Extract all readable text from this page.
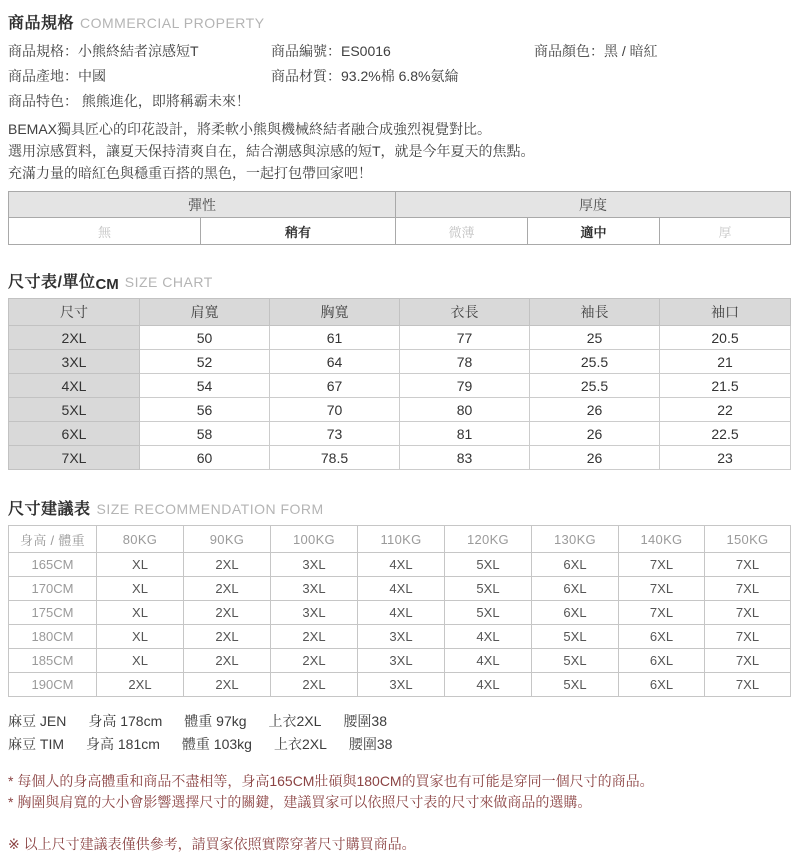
商品規格 COMMERCIAL PROPERTY
商品規格：小熊終結者涼感短T	商品編號：ES0016	商品顏色：黑 / 暗紅
商品產地：中國	商品材質：93.2%棉 6.8%氨綸
商品特色： 熊熊進化，即將稱霸未來！

BEMAX獨具匠心的印花設計，將柔軟小熊與機械終結者融合成強烈視覺對比。

選用涼感質料，讓夏天保持清爽自在，結合潮感與涼感的短T，就是今年夏天的焦點。

充滿力量的暗紅色與穩重百搭的黑色，一起打包帶回家吧！

彈性		厚度		
無	稍有	微薄	適中	厚
尺寸表/單位CM SIZE CHART
尺寸	肩寬	胸寬	衣長	袖長	袖口
2XL	50	61	77	25	20.5
3XL	52	64	78	25.5	21
4XL	54	67	79	25.5	21.5
5XL	56	70	80	26	22
6XL	58	73	81	26	22.5
7XL	60	78.5	83	26	23
尺寸建議表 SIZE RECOMMENDATION FORM
身高 / 體重	80KG	90KG	100KG	110KG	120KG	130KG	140KG	150KG
165CM	XL	2XL	3XL	4XL	5XL	6XL	7XL	7XL
170CM	XL	2XL	3XL	4XL	5XL	6XL	7XL	7XL
175CM	XL	2XL	3XL	4XL	5XL	6XL	7XL	7XL
180CM	XL	2XL	2XL	3XL	4XL	5XL	6XL	7XL
185CM	XL	2XL	2XL	3XL	4XL	5XL	6XL	7XL
190CM	2XL	2XL	2XL	3XL	4XL	5XL	6XL	7XL
麻豆 JEN 身高 178cm 體重 97kg 上衣2XL 腰圍38
麻豆 TIM 身高 181cm 體重 103kg 上衣2XL 腰圍38

* 每個人的身高體重和商品不盡相等，身高165CM壯碩與180CM的買家也有可能是穿同一個尺寸的商品。

* 胸圍與肩寬的大小會影響選擇尺寸的關鍵，建議買家可以依照尺寸表的尺寸來做商品的選購。

※ 以上尺寸建議表僅供參考，請買家依照實際穿著尺寸購買商品。
